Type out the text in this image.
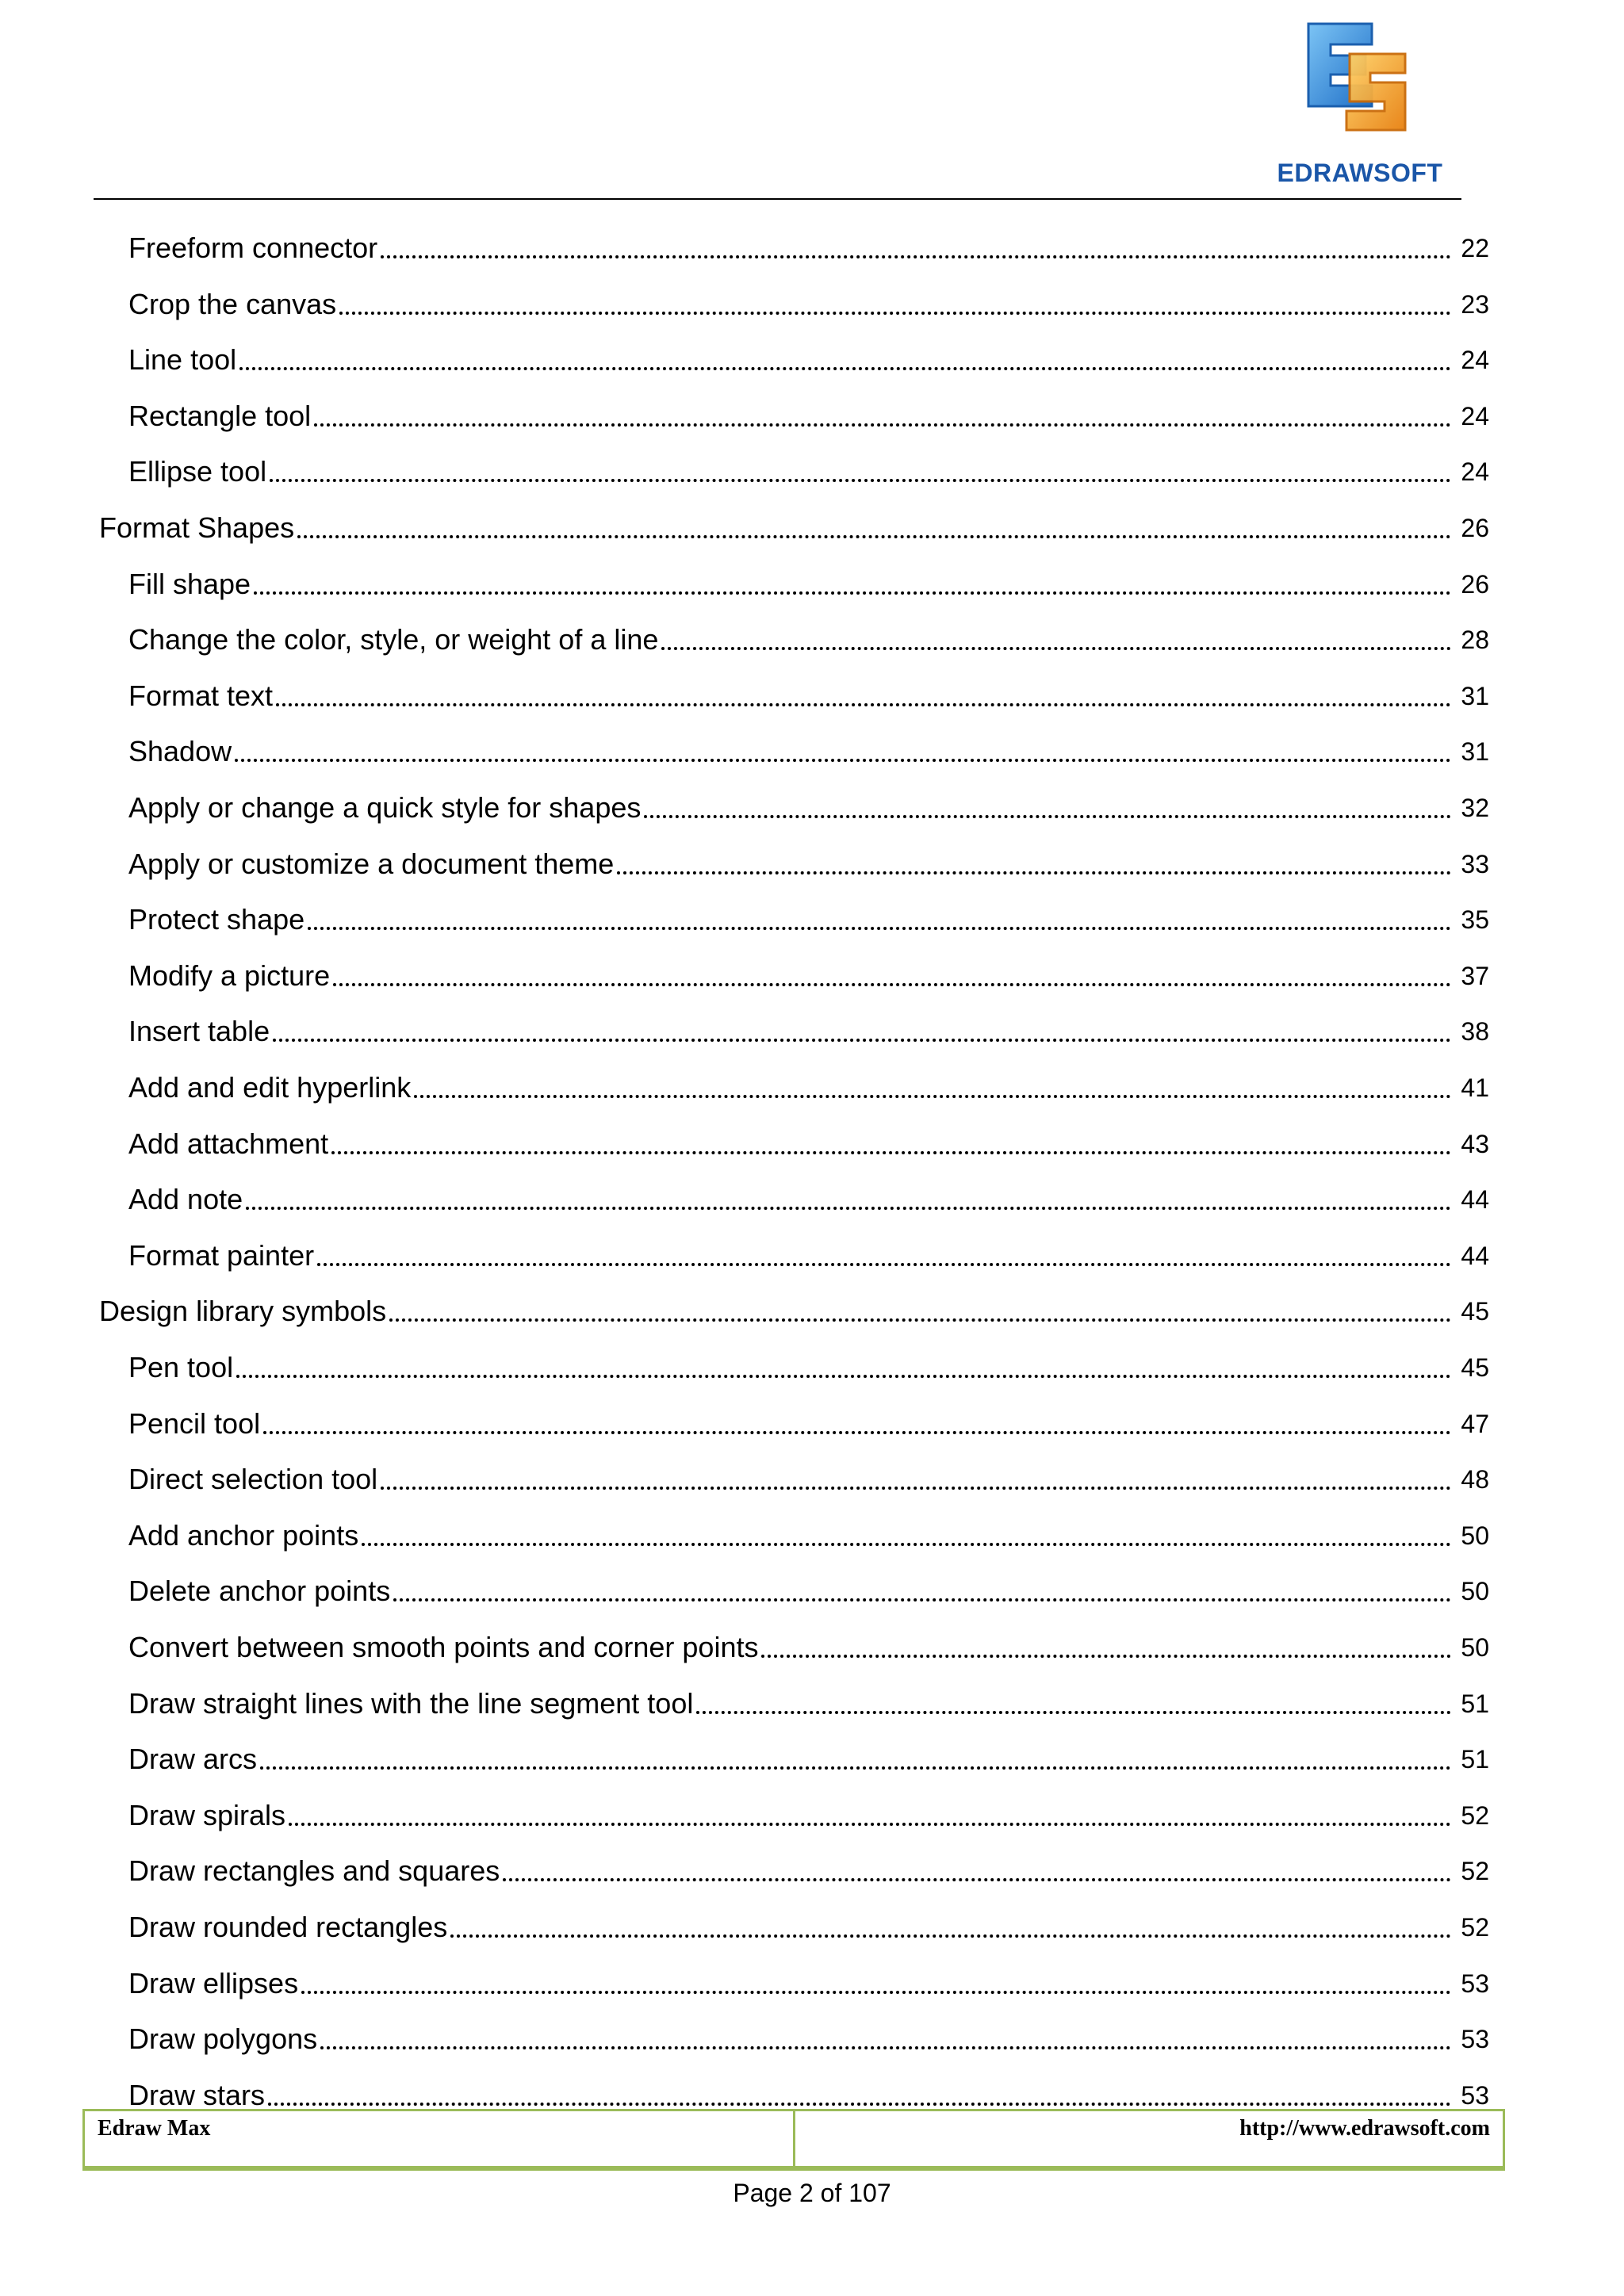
EDRAWSOFT
Freeform connector	22
Crop the canvas	23
Line tool	24
Rectangle tool	24
Ellipse tool	24
Format Shapes	26
Fill shape	26
Change the color, style, or weight of a line	28
Format text	31
Shadow	31
Apply or change a quick style for shapes	32
Apply or customize a document theme	33
Protect shape	35
Modify a picture	37
Insert table	38
Add and edit hyperlink	41
Add attachment	43
Add note	44
Format painter	44
Design library symbols	45
Pen tool	45
Pencil tool	47
Direct selection tool	48
Add anchor points	50
Delete anchor points	50
Convert between smooth points and corner points	50
Draw straight lines with the line segment tool	51
Draw arcs	51
Draw spirals	52
Draw rectangles and squares	52
Draw rounded rectangles	52
Draw ellipses	53
Draw polygons	53
Draw stars	53
Edraw Max	http://www.edrawsoft.com
Page 2 of 107
